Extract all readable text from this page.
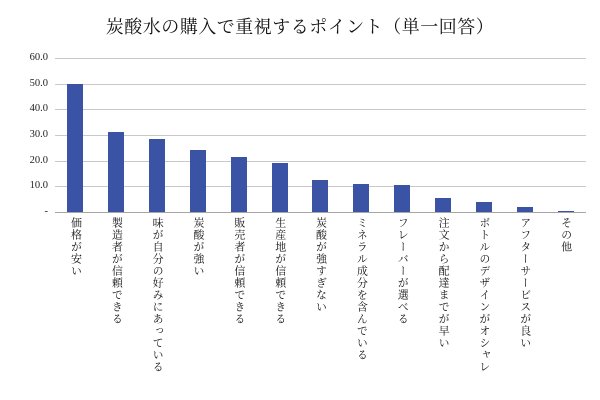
炭酸水の購入で重視するポイント（単一回答）
60.0
50.0
40.0
30.0
20.0
10.0
-
価格が安い	製造者が信頼できる	味が自分の好みにあっている	炭酸が強い	販売者が信頼できる	生産地が信頼できる	炭酸が強すぎない	ミネラル成分を含んでいる	フレーバーが選べる	注文から配達までが早い	ボトルのデザインがオシャレ	アフターサービスが良い	その他
